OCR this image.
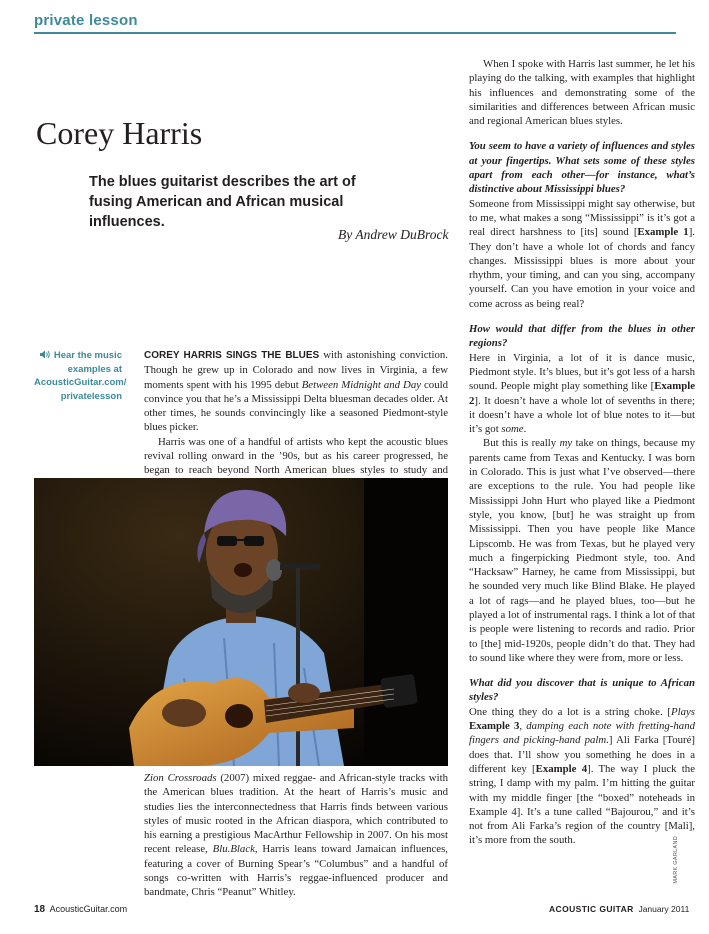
private lesson
Corey Harris
The blues guitarist describes the art of fusing American and African musical influences.
By Andrew DuBrock
Hear the music
examples at
AcousticGuitar.com/
privatelesson

COREY HARRIS SINGS THE BLUES with astonishing conviction. Though he grew up in Colorado and now lives in Virginia, a few moments spent with his 1995 debut Between Midnight and Day could convince you that he’s a Mississippi Delta bluesman decades older. At other times, he sounds convincingly like a seasoned Piedmont-style blues picker.

Harris was one of a handful of artists who kept the acoustic blues revival rolling onward in the ’90s, but as his career progressed, he began to reach beyond North American blues styles to study and

Zion Crossroads (2007) mixed reggae- and African-style tracks with the American blues tradition. At the heart of Harris’s music and studies lies the interconnectedness that Harris finds between various styles of music rooted in the African diaspora, which contributed to his earning a prestigious MacArthur Fellowship in 2007. On his most recent release, Blu.Black, Harris leans toward Jamaican influences, featuring a cover of Burning Spear’s “Columbus” and a handful of songs co-written with Harris’s reggae-influenced producer and bandmate, Chris “Peanut” Whitley.

When I spoke with Harris last summer, he let his playing do the talking, with examples that highlight his influences and demonstrating some of the similarities and differences between African music and regional American blues styles.

You seem to have a variety of influences and styles at your fingertips. What sets some of these styles apart from each other—for instance, what’s distinctive about Mississippi blues?

Someone from Mississippi might say otherwise, but to me, what makes a song “Mississippi” is it’s got a real direct harshness to [its] sound [Example 1]. They don’t have a whole lot of chords and fancy changes. Mississippi blues is more about your rhythm, your timing, and can you sing, accompany yourself. Can you have emotion in your voice and come across as being real?

How would that differ from the blues in other regions?

Here in Virginia, a lot of it is dance music, Piedmont style. It’s blues, but it’s got less of a harsh sound. People might play something like [Example 2]. It doesn’t have a whole lot of sevenths in there; it doesn’t have a whole lot of blue notes to it—but it’s got some.

But this is really my take on things, because my parents came from Texas and Kentucky. I was born in Colorado. This is just what I’ve observed—there are exceptions to the rule. You had people like Mississippi John Hurt who played like a Piedmont style, you know, [but] he was straight up from Mississippi. Then you have people like Mance Lipscomb. He was from Texas, but he played very much a fingerpicking Piedmont style, too. And “Hacksaw” Harney, he came from Mississippi, but he sounded very much like Blind Blake. He played a lot of rags—and he played blues, too—but he played a lot of instrumental rags. I think a lot of that is people were listening to records and radio. Prior to [the] mid-1920s, people didn’t do that. They had to sound like where they were from, more or less.

What did you discover that is unique to African styles?

One thing they do a lot is a string choke. [Plays Example 3, damping each note with fretting-hand fingers and picking-hand palm.] Ali Farka [Touré] does that. I’ll show you something he does in a different key [Example 4]. The way I pluck the string, I damp with my palm. I’m hitting the guitar with my middle finger [the “boxed” noteheads in Example 4]. It’s a tune called “Bajourou,” and it’s not from Ali Farka’s region of the country [Mali], it’s more from the south.	MARK GARLAND
18 AcousticGuitar.com	ACOUSTIC GUITAR January 2011
